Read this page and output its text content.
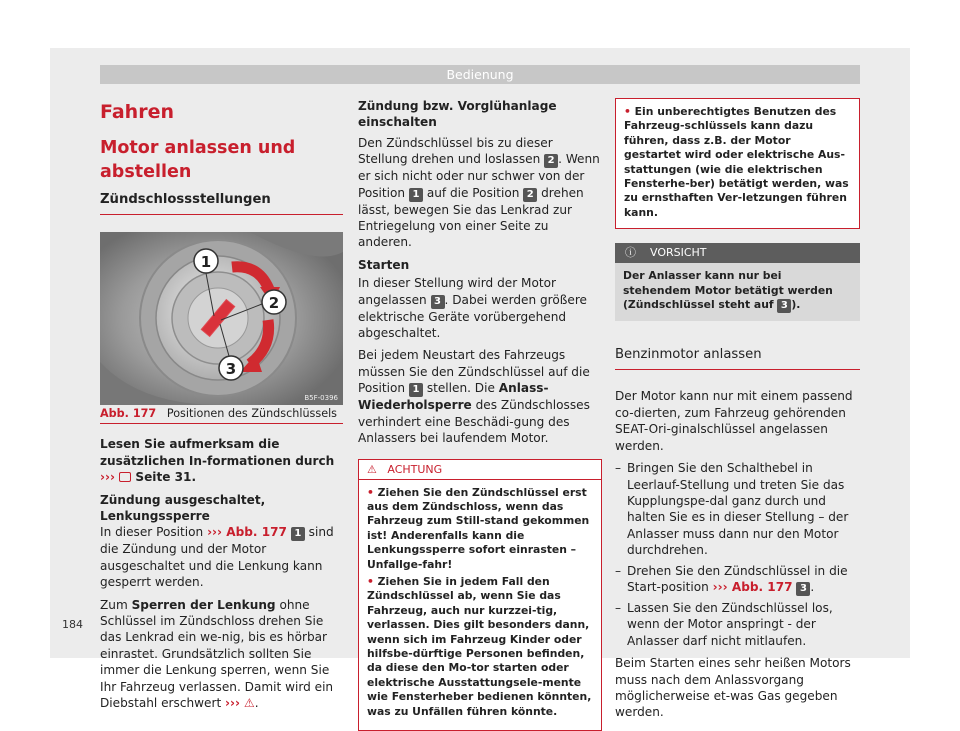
Bedienung
Fahren
Motor anlassen und abstellen
Zündschlossstellungen
1
2
3
B5F-0396
Abb. 177 Positionen des Zündschlüssels

Lesen Sie aufmerksam die zusätzlichen In-formationen durch ››› Seite 31.

Zündung ausgeschaltet, Lenkungssperre

In dieser Position ››› Abb. 177 1 sind die Zündung und der Motor ausgeschaltet und die Lenkung kann gesperrt werden.

Zum Sperren der Lenkung ohne Schlüssel im Zündschloss drehen Sie das Lenkrad ein we-nig, bis es hörbar einrastet. Grundsätzlich sollten Sie immer die Lenkung sperren, wenn Sie Ihr Fahrzeug verlassen. Damit wird ein Diebstahl erschwert ››› ⚠.

Zündung bzw. Vorglühanlage einschalten

Den Zündschlüssel bis zu dieser Stellung drehen und loslassen 2 . Wenn er sich nicht oder nur schwer von der Position 1 auf die Position 2 drehen lässt, bewegen Sie das Lenkrad zur Entriegelung von einer Seite zu anderen.

Starten

In dieser Stellung wird der Motor angelassen 3 . Dabei werden größere elektrische Geräte vorübergehend abgeschaltet.

Bei jedem Neustart des Fahrzeugs müssen Sie den Zündschlüssel auf die Position 1 stellen. Die Anlass-Wiederholsperre des Zündschlosses verhindert eine Beschädi-gung des Anlassers bei laufendem Motor.

⚠ ACHTUNG
• Ziehen Sie den Zündschlüssel erst aus dem Zündschloss, wenn das Fahrzeug zum Still-stand gekommen ist! Anderenfalls kann die Lenkungssperre sofort einrasten – Unfallge-fahr!
• Ziehen Sie in jedem Fall den Zündschlüssel ab, wenn Sie das Fahrzeug, auch nur kurzzei-tig, verlassen. Dies gilt besonders dann, wenn sich im Fahrzeug Kinder oder hilfsbe-dürftige Personen befinden, da diese den Mo-tor starten oder elektrische Ausstattungsele-mente wie Fensterheber bedienen könnten, was zu Unfällen führen könnte.
• Ein unberechtigtes Benutzen des Fahrzeug-schlüssels kann dazu führen, dass z.B. der Motor gestartet wird oder elektrische Aus-stattungen (wie die elektrischen Fensterhe-ber) betätigt werden, was zu ernsthaften Ver-letzungen führen kann.
ⓘ VORSICHT
Der Anlasser kann nur bei stehendem Motor betätigt werden (Zündschlüssel steht auf 3 ).
Benzinmotor anlassen

Der Motor kann nur mit einem passend co-dierten, zum Fahrzeug gehörenden SEAT-Ori-ginalschlüssel angelassen werden.

– Bringen Sie den Schalthebel in Leerlauf-Stellung und treten Sie das Kupplungspe-dal ganz durch und halten Sie es in dieser Stellung – der Anlasser muss dann nur den Motor durchdrehen.
– Drehen Sie den Zündschlüssel in die Start-position ››› Abb. 177 3 .
– Lassen Sie den Zündschlüssel los, wenn der Motor anspringt - der Anlasser darf nicht mitlaufen.

Beim Starten eines sehr heißen Motors muss nach dem Anlassvorgang möglicherweise et-was Gas gegeben werden.

184
